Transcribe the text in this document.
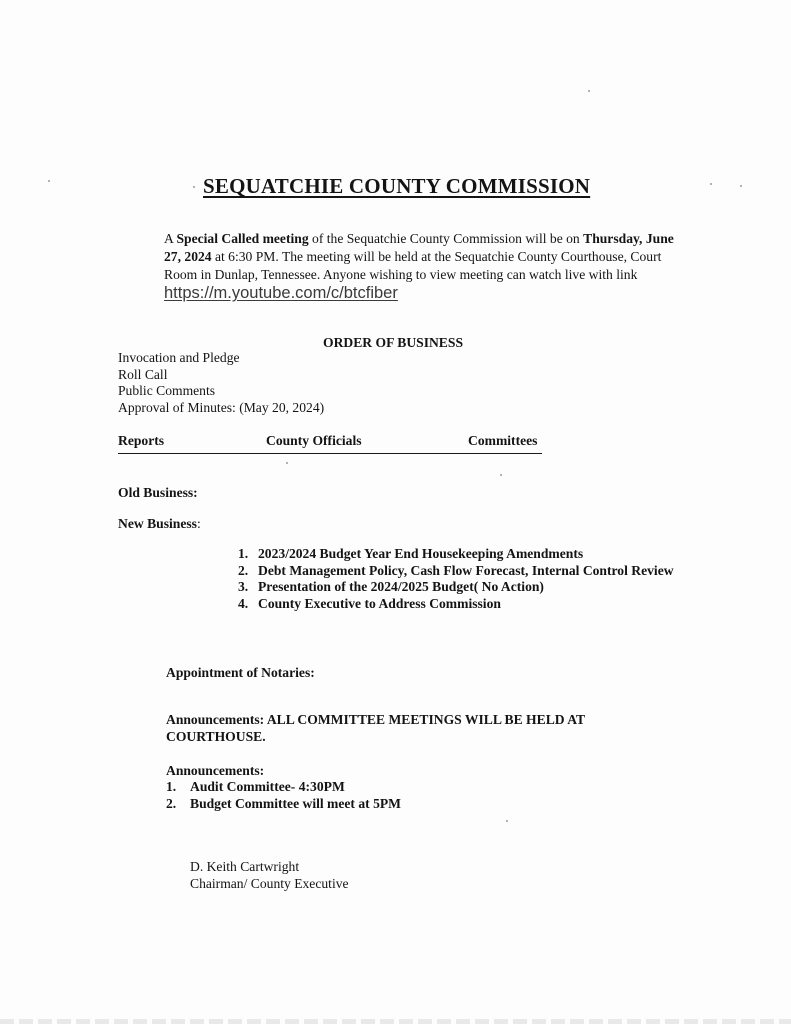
SEQUATCHIE COUNTY COMMISSION
A Special Called meeting of the Sequatchie County Commission will be on Thursday, June 27, 2024 at 6:30 PM. The meeting will be held at the Sequatchie County Courthouse, Court Room in Dunlap, Tennessee. Anyone wishing to view meeting can watch live with link https://m.youtube.com/c/btcfiber
ORDER OF BUSINESS
Invocation and Pledge
Roll Call
Public Comments
Approval of Minutes: (May 20, 2024)
Reports	County Officials	Committees
Old Business:
New Business:
1. 2023/2024 Budget Year End Housekeeping Amendments
2. Debt Management Policy, Cash Flow Forecast, Internal Control Review
3. Presentation of the 2024/2025 Budget( No Action)
4. County Executive to Address Commission
Appointment of Notaries:
Announcements: ALL COMMITTEE MEETINGS WILL BE HELD AT COURTHOUSE.
Announcements:
1. Audit Committee- 4:30PM
2. Budget Committee will meet at 5PM
D. Keith Cartwright
Chairman/ County Executive
